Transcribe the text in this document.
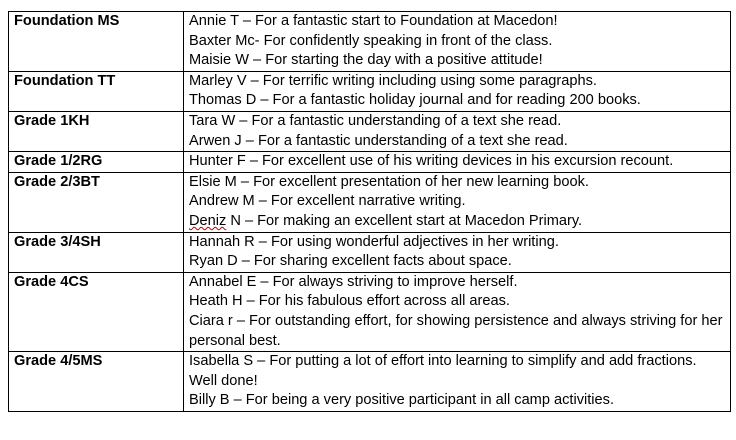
Foundation MS	Annie T – For a fantastic start to Foundation at Macedon!
Baxter Mc- For confidently speaking in front of the class.
Maisie W – For starting the day with a positive attitude!

Foundation TT	Marley V – For terrific writing including using some paragraphs.
Thomas D – For a fantastic holiday journal and for reading 200 books.

Grade 1KH	Tara W – For a fantastic understanding of a text she read.
Arwen J – For a fantastic understanding of a text she read.

Grade 1/2RG	Hunter F – For excellent use of his writing devices in his excursion recount.

Grade 2/3BT	Elsie M – For excellent presentation of her new learning book.
Andrew M – For excellent narrative writing.
Deniz N – For making an excellent start at Macedon Primary.

Grade 3/4SH	Hannah R – For using wonderful adjectives in her writing.
Ryan D – For sharing excellent facts about space.

Grade 4CS	Annabel E – For always striving to improve herself.
Heath H – For his fabulous effort across all areas.
Ciara r – For outstanding effort, for showing persistence and always striving for her personal best.

Grade 4/5MS	Isabella S – For putting a lot of effort into learning to simplify and add fractions. Well done!
Billy B – For being a very positive participant in all camp activities.
